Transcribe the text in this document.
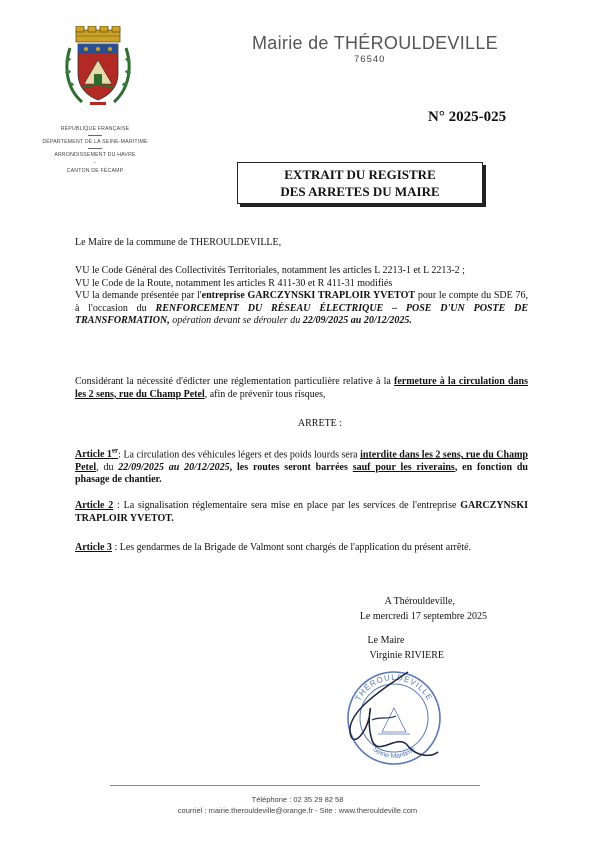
RÉPUBLIQUE FRANÇAISE
DÉPARTEMENT DE LA SEINE-MARITIME
ARRONDISSEMENT DU HAVRE
-
CANTON DE FÉCAMP
Mairie de THÉROULDEVILLE
76540
N° 2025-025
EXTRAIT DU REGISTRE
DES ARRETES DU MAIRE

Le Maire de la commune de THEROULDEVILLE,

VU le Code Général des Collectivités Territoriales, notamment les articles L 2213-1 et L 2213-2 ;

VU le Code de la Route, notamment les articles R 411-30 et R 411-31 modifiés

VU la demande présentée par l'entreprise GARCZYNSKI TRAPLOIR YVETOT pour le compte du SDE 76, à l'occasion du RENFORCEMENT DU RÉSEAU ÉLECTRIQUE – POSE D'UN POSTE DE TRANSFORMATION, opération devant se dérouler du 22/09/2025 au 20/12/2025.

Considérant la nécessité d'édicter une réglementation particulière relative à la fermeture à la circulation dans les 2 sens, rue du Champ Petel, afin de prévenir tous risques,

ARRETE :

Article 1er: La circulation des véhicules légers et des poids lourds sera interdite dans les 2 sens, rue du Champ Petel, du 22/09/2025 au 20/12/2025, les routes seront barrées sauf pour les riverains, en fonction du phasage de chantier.

Article 2 : La signalisation réglementaire sera mise en place par les services de l'entreprise GARCZYNSKI TRAPLOIR YVETOT.

Article 3 : Les gendarmes de la Brigade de Valmont sont chargés de l'application du présent arrêté.

A Thérouldeville,
Le mercredi 17 septembre 2025
Le Maire
Virginie RIVIERE
THÉROULDEVILLE
Seine Maritime
Téléphone : 02 35 29 82 58
courriel : mairie.therouldeville@orange.fr - Site : www.therouldeville.com
